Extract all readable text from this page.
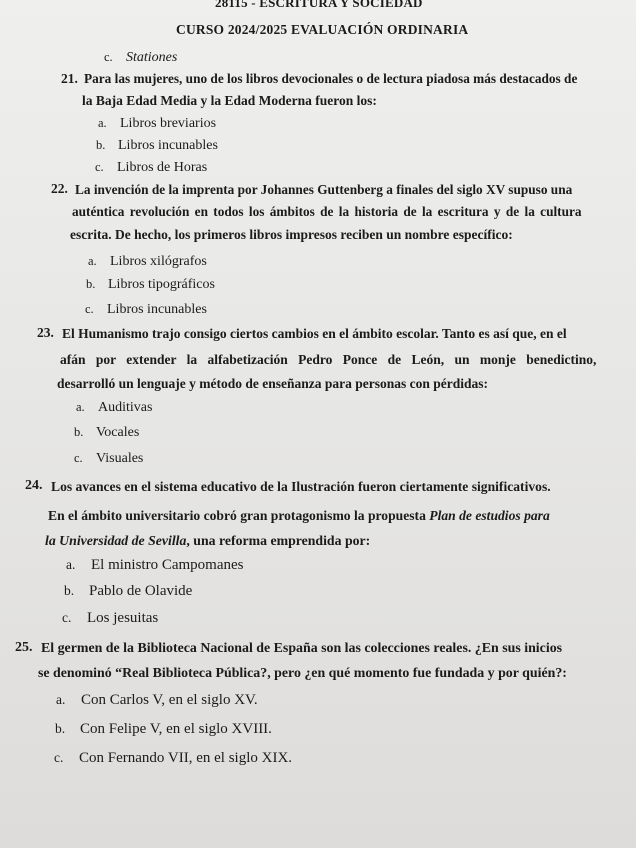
28115 - ESCRITURA Y SOCIEDAD
CURSO 2024/2025 EVALUACIÓN ORDINARIA
c. Stationes
21. Para las mujeres, uno de los libros devocionales o de lectura piadosa más destacados de
la Baja Edad Media y la Edad Moderna fueron los:
a. Libros breviarios
b. Libros incunables
c. Libros de Horas
22. La invención de la imprenta por Johannes Guttenberg a finales del siglo XV supuso una
auténtica revolución en todos los ámbitos de la historia de la escritura y de la cultura
escrita. De hecho, los primeros libros impresos reciben un nombre específico:
a. Libros xilógrafos
b. Libros tipográficos
c. Libros incunables
23. El Humanismo trajo consigo ciertos cambios en el ámbito escolar. Tanto es así que, en el
afán por extender la alfabetización Pedro Ponce de León, un monje benedictino,
desarrolló un lenguaje y método de enseñanza para personas con pérdidas:
a. Auditivas
b. Vocales
c. Visuales
24. Los avances en el sistema educativo de la Ilustración fueron ciertamente significativos.
En el ámbito universitario cobró gran protagonismo la propuesta Plan de estudios para
la Universidad de Sevilla, una reforma emprendida por:
a. El ministro Campomanes
b. Pablo de Olavide
c. Los jesuitas
25. El germen de la Biblioteca Nacional de España son las colecciones reales. ¿En sus inicios
se denominó “Real Biblioteca Pública?, pero ¿en qué momento fue fundada y por quién?:
a. Con Carlos V, en el siglo XV.
b. Con Felipe V, en el siglo XVIII.
c. Con Fernando VII, en el siglo XIX.
